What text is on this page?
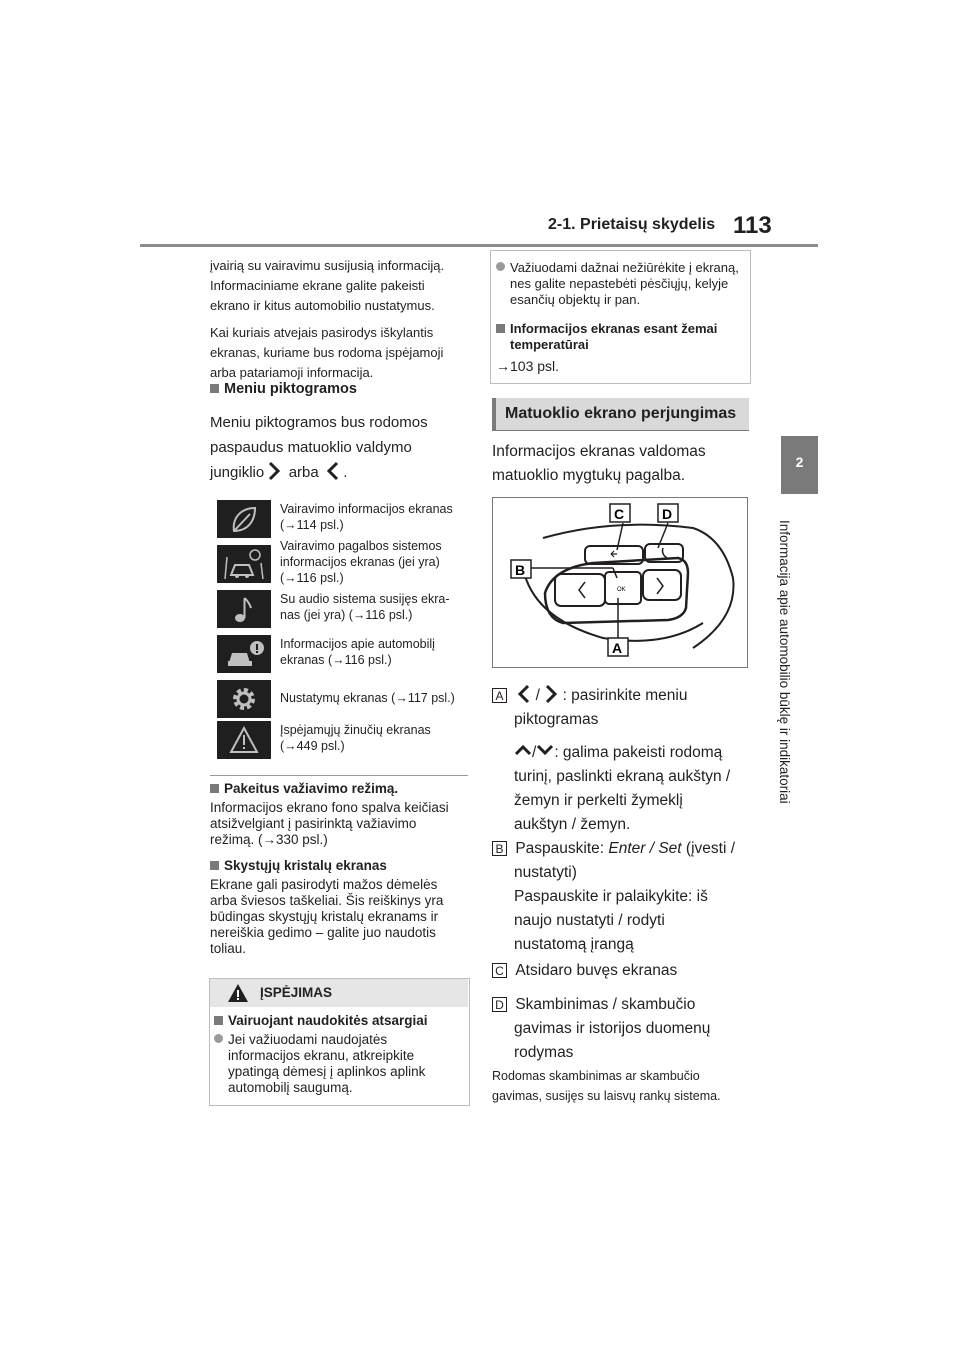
2-1. Prietaisų skydelis 113
2
Informacija apie automobilio būklę ir indikatoriai
įvairią su vairavimu susijusią informaciją.
Informaciniame ekrane galite pakeisti
ekrano ir kitus automobilio nustatymus.
Kai kuriais atvejais pasirodys iškylantis
ekranas, kuriame bus rodoma įspėjamoji
arba patariamoji informacija.
Meniu piktogramos
Meniu piktogramos bus rodomos
paspaudus matuoklio valdymo
jungiklio arba .
Vairavimo informacijos ekranas
(→114 psl.)
Vairavimo pagalbos sistemos
informacijos ekranas (jei yra)
(→116 psl.)
Su audio sistema susijęs ekra-
nas (jei yra) (→116 psl.)
Informacijos apie automobilį
ekranas (→116 psl.)
Nustatymų ekranas (→117 psl.)
Įspėjamųjų žinučių ekranas
(→449 psl.)
Pakeitus važiavimo režimą.
Informacijos ekrano fono spalva keičiasi
atsižvelgiant į pasirinktą važiavimo
režimą. (→330 psl.)
Skystųjų kristalų ekranas
Ekrane gali pasirodyti mažos dėmelės
arba šviesos taškeliai. Šis reiškinys yra
būdingas skystųjų kristalų ekranams ir
nereiškia gedimo – galite juo naudotis
toliau.
ĮSPĖJIMAS
Vairuojant naudokitės atsargiai
Jei važiuodami naudojatės
informacijos ekranu, atkreipkite
ypatingą dėmesį į aplinkos aplink
automobilį saugumą.
Važiuodami dažnai nežiūrėkite į ekraną,
nes galite nepastebėti pėsčiųjų, kelyje
esančių objektų ir pan.
Informacijos ekranas esant žemai
temperatūrai
→103 psl.
Matuoklio ekrano perjungimas
Informacijos ekranas valdomas
matuoklio mygtukų pagalba.
C	D
B
A
OK
A / : pasirinkite meniu
piktogramas
/ : galima pakeisti rodomą
turinį, paslinkti ekraną aukštyn /
žemyn ir perkelti žymeklį
aukštyn / žemyn.
B Paspauskite: Enter / Set (įvesti /
nustatyti)
Paspauskite ir palaikykite: iš
naujo nustatyti / rodyti
nustatomą įrangą
C Atsidaro buvęs ekranas
D Skambinimas / skambučio
gavimas ir istorijos duomenų
rodymas
Rodomas skambinimas ar skambučio
gavimas, susijęs su laisvų rankų sistema.
